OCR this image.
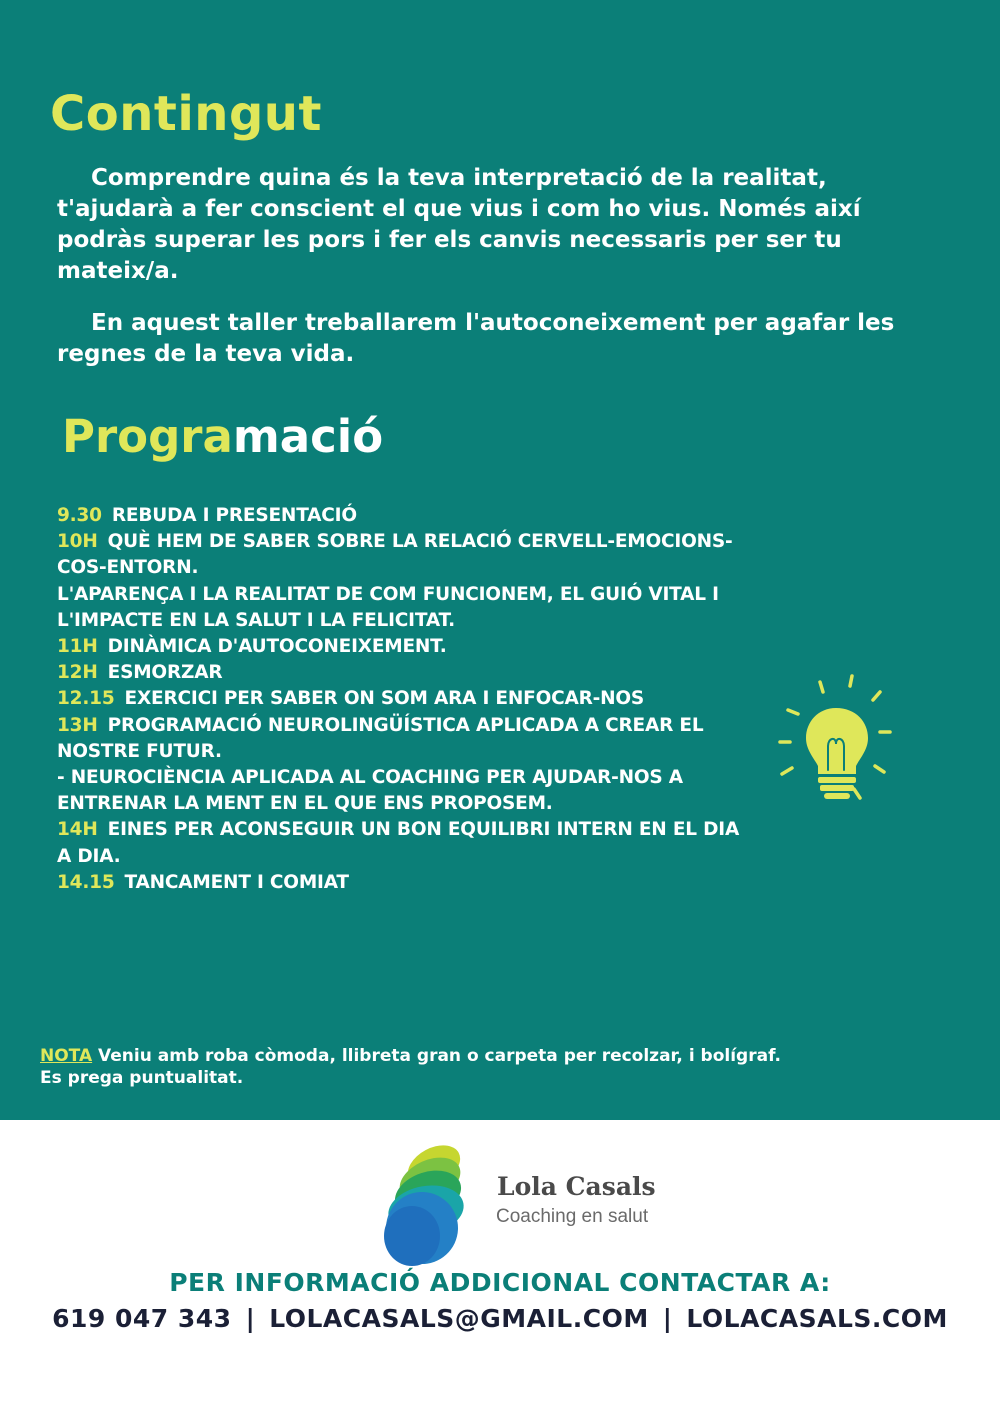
Contingut

Comprendre quina és la teva interpretació de la realitat, t'ajudarà a fer conscient el que vius i com ho vius. Només així podràs superar les pors i fer els canvis necessaris per ser tu mateix/a.

En aquest taller treballarem l'autoconeixement per agafar les regnes de la teva vida.

Programació
9.30 REBUDA I PRESENTACIÓ
10H QUÈ HEM DE SABER SOBRE LA RELACIÓ CERVELL-EMOCIONS-COS-ENTORN.
L'APARENÇA I LA REALITAT DE COM FUNCIONEM, EL GUIÓ VITAL I L'IMPACTE EN LA SALUT I LA FELICITAT.
11H DINÀMICA D'AUTOCONEIXEMENT.
12H ESMORZAR
12.15 EXERCICI PER SABER ON SOM ARA I ENFOCAR-NOS
13H PROGRAMACIÓ NEUROLINGÜÍSTICA APLICADA A CREAR EL NOSTRE FUTUR.
- NEUROCIÈNCIA APLICADA AL COACHING PER AJUDAR-NOS A ENTRENAR LA MENT EN EL QUE ENS PROPOSEM.
14H EINES PER ACONSEGUIR UN BON EQUILIBRI INTERN EN EL DIA A DIA.
14.15 TANCAMENT I COMIAT
NOTA Veniu amb roba còmoda, llibreta gran o carpeta per recolzar, i bolígraf.
Es prega puntualitat.
Lola Casals
Coaching en salut
PER INFORMACIÓ ADDICIONAL CONTACTAR A:
619 047 343 | LOLACASALS@GMAIL.COM | LOLACASALS.COM
